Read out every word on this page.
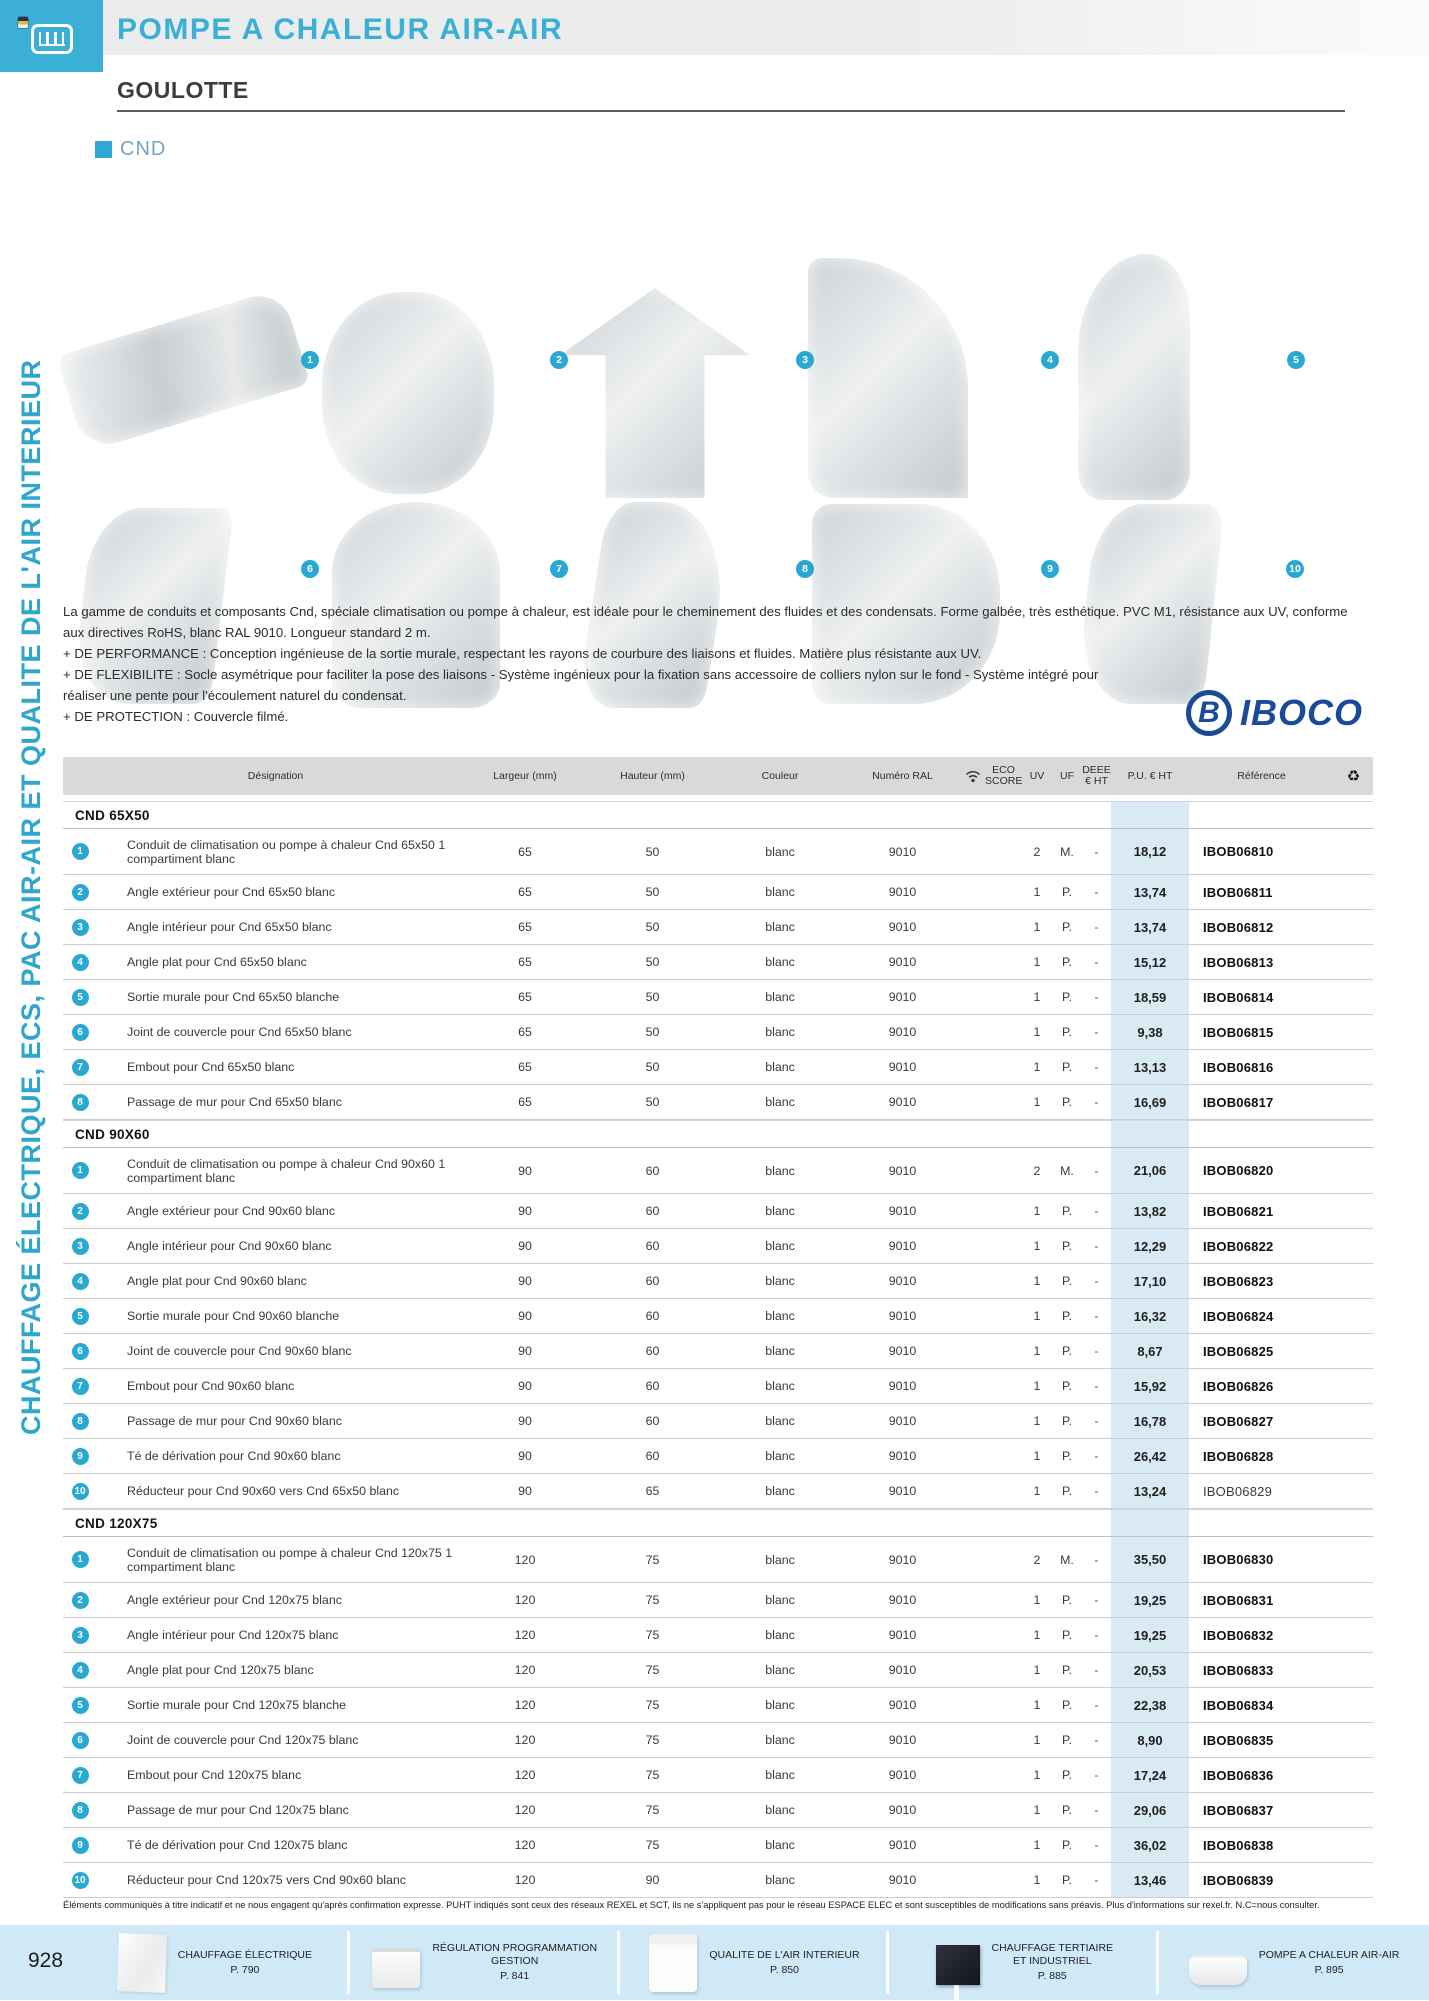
POMPE A CHALEUR AIR-AIR
GOULOTTE
CHAUFFAGE ÉLECTRIQUE, ECS, PAC AIR-AIR ET QUALITE DE L'AIR INTERIEUR
CND
1	2	3	4	5
6	7	8	9	10
La gamme de conduits et composants Cnd, spéciale climatisation ou pompe à chaleur, est idéale pour le cheminement des fluides et des condensats. Forme galbée, très esthétique. PVC M1, résistance aux UV, conforme aux directives RoHS, blanc RAL 9010. Longueur standard 2 m.
+ DE PERFORMANCE : Conception ingénieuse de la sortie murale, respectant les rayons de courbure des liaisons et fluides. Matière plus résistante aux UV.
+ DE FLEXIBILITE : Socle asymétrique pour faciliter la pose des liaisons - Système ingénieux pour la fixation sans accessoire de colliers nylon sur le fond - Système intégré pour réaliser une pente pour l'écoulement naturel du condensat.
+ DE PROTECTION : Couvercle filmé.	B IBOCO
Désignation	Largeur (mm)	Hauteur (mm)	Couleur	Numéro RAL	ECO SCORE UV	UF DEEE € HT	P.U. € HT	Référence	♻
CND 65X50
1	Conduit de climatisation ou pompe à chaleur Cnd 65x50 1 compartiment blanc	65	50	blanc	9010	2	M.	-	18,12	IBOB06810
2	Angle extérieur pour Cnd 65x50 blanc	65	50	blanc	9010	1	P.	-	13,74	IBOB06811
3	Angle intérieur pour Cnd 65x50 blanc	65	50	blanc	9010	1	P.	-	13,74	IBOB06812
4	Angle plat pour Cnd 65x50 blanc	65	50	blanc	9010	1	P.	-	15,12	IBOB06813
5	Sortie murale pour Cnd 65x50 blanche	65	50	blanc	9010	1	P.	-	18,59	IBOB06814
6	Joint de couvercle pour Cnd 65x50 blanc	65	50	blanc	9010	1	P.	-	9,38	IBOB06815
7	Embout pour Cnd 65x50 blanc	65	50	blanc	9010	1	P.	-	13,13	IBOB06816
8	Passage de mur pour Cnd 65x50 blanc	65	50	blanc	9010	1	P.	-	16,69	IBOB06817
CND 90X60
1	Conduit de climatisation ou pompe à chaleur Cnd 90x60 1 compartiment blanc	90	60	blanc	9010	2	M.	-	21,06	IBOB06820
2	Angle extérieur pour Cnd 90x60 blanc	90	60	blanc	9010	1	P.	-	13,82	IBOB06821
3	Angle intérieur pour Cnd 90x60 blanc	90	60	blanc	9010	1	P.	-	12,29	IBOB06822
4	Angle plat pour Cnd 90x60 blanc	90	60	blanc	9010	1	P.	-	17,10	IBOB06823
5	Sortie murale pour Cnd 90x60 blanche	90	60	blanc	9010	1	P.	-	16,32	IBOB06824
6	Joint de couvercle pour Cnd 90x60 blanc	90	60	blanc	9010	1	P.	-	8,67	IBOB06825
7	Embout pour Cnd 90x60 blanc	90	60	blanc	9010	1	P.	-	15,92	IBOB06826
8	Passage de mur pour Cnd 90x60 blanc	90	60	blanc	9010	1	P.	-	16,78	IBOB06827
9	Té de dérivation pour Cnd 90x60 blanc	90	60	blanc	9010	1	P.	-	26,42	IBOB06828
10	Réducteur pour Cnd 90x60 vers Cnd 65x50 blanc	90	65	blanc	9010	1	P.	-	13,24	IBOB06829
CND 120X75
1	Conduit de climatisation ou pompe à chaleur Cnd 120x75 1 compartiment blanc	120	75	blanc	9010	2	M.	-	35,50	IBOB06830
2	Angle extérieur pour Cnd 120x75 blanc	120	75	blanc	9010	1	P.	-	19,25	IBOB06831
3	Angle intérieur pour Cnd 120x75 blanc	120	75	blanc	9010	1	P.	-	19,25	IBOB06832
4	Angle plat pour Cnd 120x75 blanc	120	75	blanc	9010	1	P.	-	20,53	IBOB06833
5	Sortie murale pour Cnd 120x75 blanche	120	75	blanc	9010	1	P.	-	22,38	IBOB06834
6	Joint de couvercle pour Cnd 120x75 blanc	120	75	blanc	9010	1	P.	-	8,90	IBOB06835
7	Embout pour Cnd 120x75 blanc	120	75	blanc	9010	1	P.	-	17,24	IBOB06836
8	Passage de mur pour Cnd 120x75 blanc	120	75	blanc	9010	1	P.	-	29,06	IBOB06837
9	Té de dérivation pour Cnd 120x75 blanc	120	75	blanc	9010	1	P.	-	36,02	IBOB06838
10	Réducteur pour Cnd 120x75 vers Cnd 90x60 blanc	120	90	blanc	9010	1	P.	-	13,46	IBOB06839
Éléments communiqués à titre indicatif et ne nous engagent qu'après confirmation expresse. PUHT indiqués sont ceux des réseaux REXEL et SCT, ils ne s'appliquent pas pour le réseau ESPACE ELEC et sont susceptibles de modifications sans préavis. Plus d'informations sur rexel.fr. N.C=nous consulter.
928	CHAUFFAGE ÉLECTRIQUE
P. 790
RÉGULATION PROGRAMMATION
GESTION
P. 841
QUALITE DE L'AIR INTERIEUR
P. 850
CHAUFFAGE TERTIAIRE
ET INDUSTRIEL
P. 885
POMPE A CHALEUR AIR-AIR
P. 895
